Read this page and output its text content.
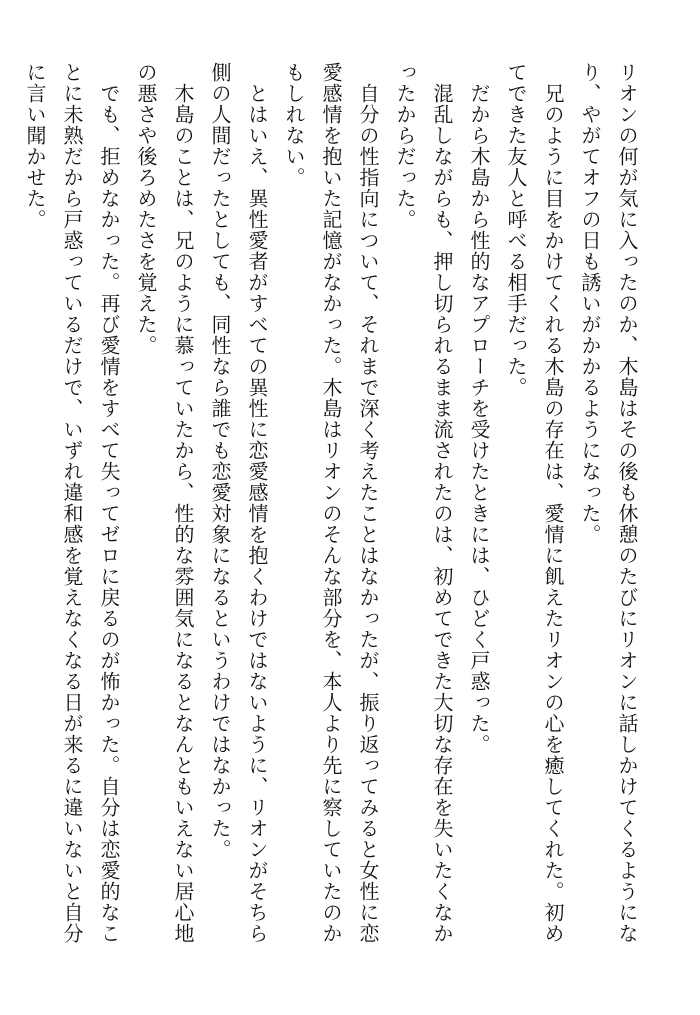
リオンの何が気に入ったのか、木島はその後も休憩のたびにリオンに話しかけてくるようになり、やがてオフの日も誘いがかかるようになった。

　兄のように目をかけてくれる木島の存在は、愛情に飢えたリオンの心を癒してくれた。初めてできた友人と呼べる相手だった。

　だから木島から性的なアプローチを受けたときには、ひどく戸惑った。

　混乱しながらも、押し切られるまま流されたのは、初めてできた大切な存在を失いたくなかったからだった。

　自分の性指向について、それまで深く考えたことはなかったが、振り返ってみると女性に恋愛感情を抱いた記憶がなかった。木島はリオンのそんな部分を、本人より先に察していたのかもしれない。

　とはいえ、異性愛者がすべての異性に恋愛感情を抱くわけではないように、リオンがそちら側の人間だったとしても、同性なら誰でも恋愛対象になるというわけではなかった。

　木島のことは、兄のように慕っていたから、性的な雰囲気になるとなんともいえない居心地の悪さや後ろめたさを覚えた。

　でも、拒めなかった。再び愛情をすべて失ってゼロに戻るのが怖かった。自分は恋愛的なことに未熟だから戸惑っているだけで、いずれ違和感を覚えなくなる日が来るに違いないと自分に言い聞かせた。
